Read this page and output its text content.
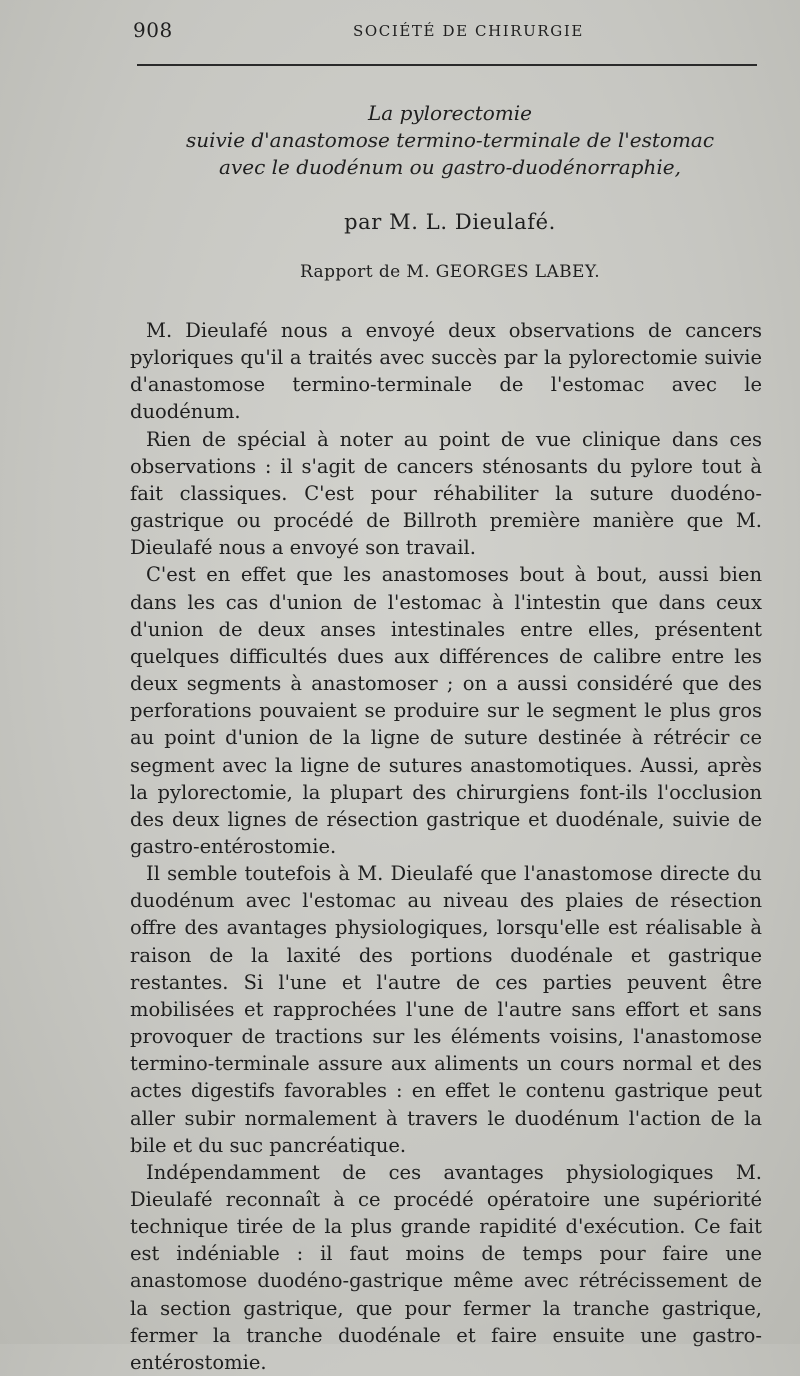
908	SOCIÉTÉ DE CHIRURGIE
La pylorectomie
suivie d'anastomose termino-terminale de l'estomac
avec le duodénum ou gastro-duodénorraphie,
par M. L. Dieulafé.
Rapport de M. GEORGES LABEY.

M. Dieulafé nous a envoyé deux observations de cancers pyloriques qu'il a traités avec succès par la pylorectomie suivie d'anastomose termino-terminale de l'estomac avec le duodénum.

Rien de spécial à noter au point de vue clinique dans ces observations : il s'agit de cancers sténosants du pylore tout à fait classiques. C'est pour réhabiliter la suture duodéno-gastrique ou procédé de Billroth première manière que M. Dieulafé nous a envoyé son travail.

C'est en effet que les anastomoses bout à bout, aussi bien dans les cas d'union de l'estomac à l'intestin que dans ceux d'union de deux anses intestinales entre elles, présentent quelques difficultés dues aux différences de calibre entre les deux segments à anastomoser ; on a aussi considéré que des perforations pouvaient se produire sur le segment le plus gros au point d'union de la ligne de suture destinée à rétrécir ce segment avec la ligne de sutures anastomotiques. Aussi, après la pylorectomie, la plupart des chirurgiens font-ils l'occlusion des deux lignes de résection gastrique et duodénale, suivie de gastro-entérostomie.

Il semble toutefois à M. Dieulafé que l'anastomose directe du duodénum avec l'estomac au niveau des plaies de résection offre des avantages physiologiques, lorsqu'elle est réalisable à raison de la laxité des portions duodénale et gastrique restantes. Si l'une et l'autre de ces parties peuvent être mobilisées et rapprochées l'une de l'autre sans effort et sans provoquer de tractions sur les éléments voisins, l'anastomose termino-terminale assure aux aliments un cours normal et des actes digestifs favorables : en effet le contenu gastrique peut aller subir normalement à travers le duodénum l'action de la bile et du suc pancréatique.

Indépendamment de ces avantages physiologiques M. Dieulafé reconnaît à ce procédé opératoire une supériorité technique tirée de la plus grande rapidité d'exécution. Ce fait est indéniable : il faut moins de temps pour faire une anastomose duodéno-gastrique même avec rétrécissement de la section gastrique, que pour fermer la tranche gastrique, fermer la tranche duodénale et faire ensuite une gastro-entérostomie.
